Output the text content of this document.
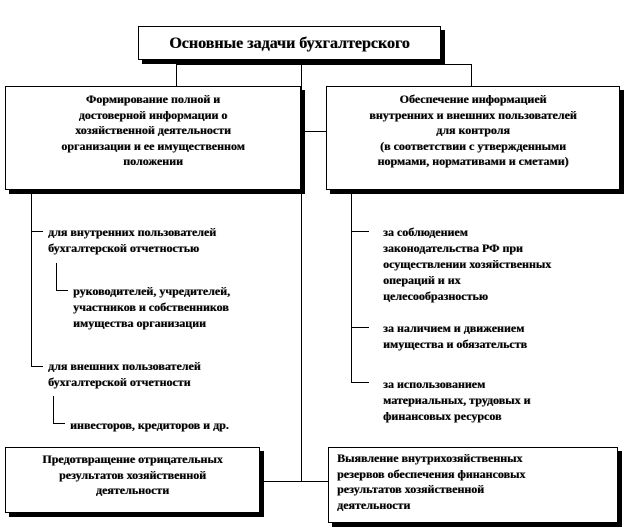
Основные задачи бухгалтерского
Формирование полной и
достоверной информации о
хозяйственной деятельности
организации и ее имущественном
положении
Обеспечение информацией
внутренних и внешних пользователей
для контроля
(в соответствии с утвержденными
нормами, нормативами и сметами)
для внутренних пользователей
бухгалтерской отчетностью
руководителей, учредителей,
участников и собственников
имущества организации
для внешних пользователей
бухгалтерской отчетности
инвесторов, кредиторов и др.
за соблюдением
законодательства РФ при
осуществлении хозяйственных
операций и их
целесообразностью
за наличием и движением
имущества и обязательств
за использованием
материальных, трудовых и
финансовых ресурсов
Предотвращение отрицательных
результатов хозяйственной
деятельности
Выявление внутрихозяйственных
резервов обеспечения финансовых
результатов хозяйственной
деятельности
